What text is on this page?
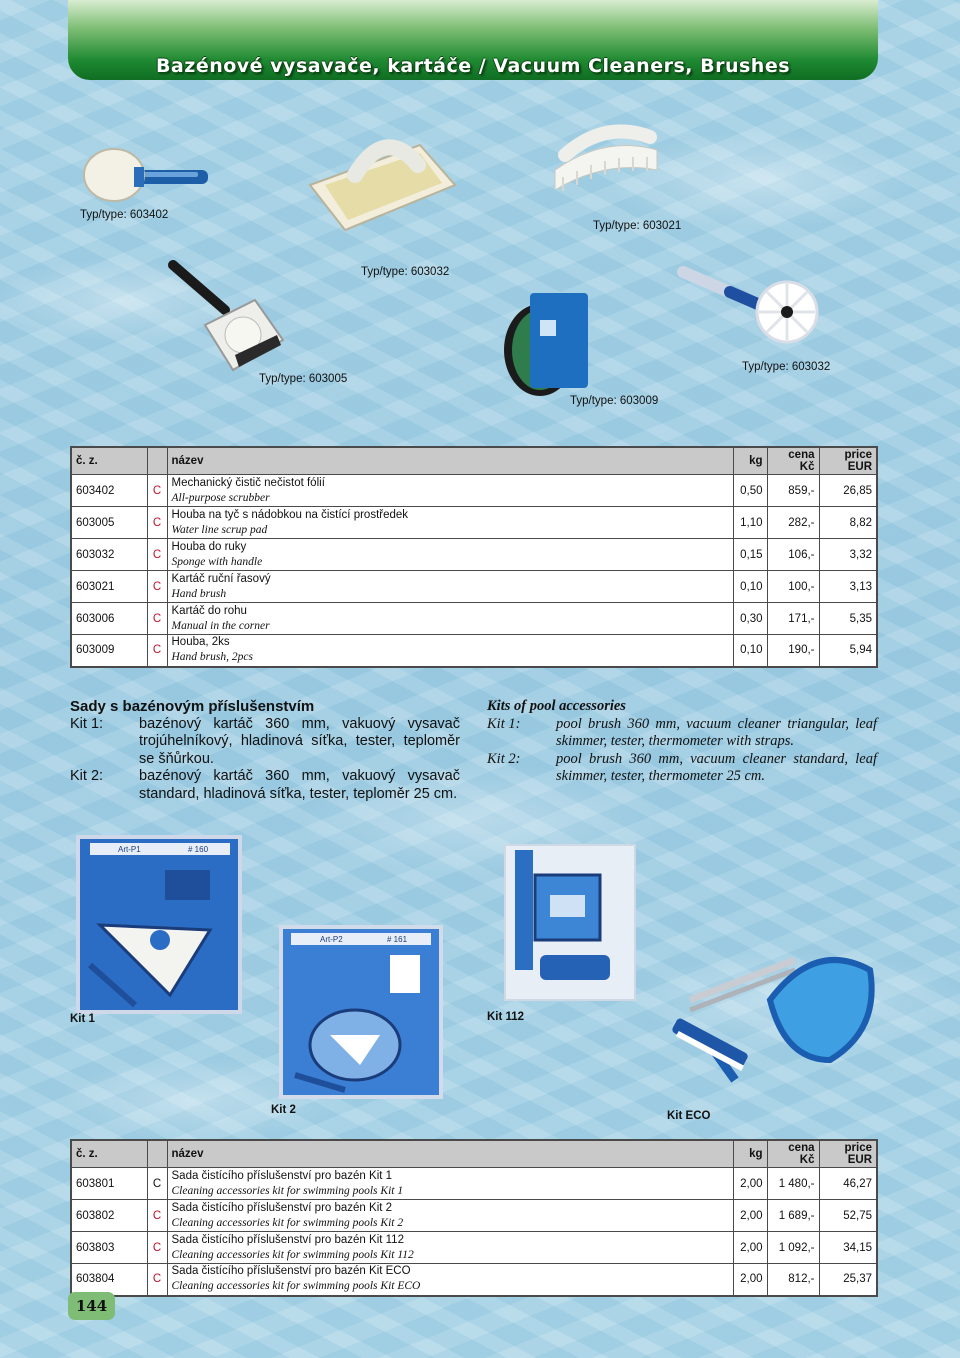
Bazénové vysavače, kartáče / Vacuum Cleaners, Brushes
Typ/type: 603402
Typ/type: 603021
Typ/type: 603032
Typ/type: 603005
Typ/type: 603032
Typ/type: 603009
č. z.		název	kg	cena Kč	price EUR
603402	C	Mechanický čistič nečistot fólií
All-purpose scrubber	0,50	859,-	26,85
603005	C	Houba na tyč s nádobkou na čistící prostředek
Water line scrup pad	1,10	282,-	8,82
603032	C	Houba do ruky
Sponge with handle	0,15	106,-	3,32
603021	C	Kartáč ruční řasový
Hand brush	0,10	100,-	3,13
603006	C	Kartáč do rohu
Manual in the corner	0,30	171,-	5,35
603009	C	Houba, 2ks
Hand brush, 2pcs	0,10	190,-	5,94
Sady s bazénovým příslušenstvím
Kit 1:	bazénový kartáč 360 mm, vakuový vysavač trojúhelníkový, hladinová síťka, tester, teploměr se šňůrkou.
Kit 2:	bazénový kartáč 360 mm, vakuový vysavač standard, hladinová síťka, tester, teploměr 25 cm.
Kits of pool accessories
Kit 1:	pool brush 360 mm, vacuum cleaner triangular, leaf skimmer, tester, thermometer with straps.
Kit 2:	pool brush 360 mm, vacuum cleaner standard, leaf skimmer, tester, thermometer 25 cm.
Art-P1	# 160
Art-P2	# 161
Kit 1	Kit 112
Kit 2	Kit ECO
č. z.		název	kg	cena Kč	price EUR
603801	C	Sada čistícího příslušenství pro bazén Kit 1
Cleaning accessories kit for swimming pools Kit 1	2,00	1 480,-	46,27
603802	C	Sada čistícího příslušenství pro bazén Kit 2
Cleaning accessories kit for swimming pools Kit 2	2,00	1 689,-	52,75
603803	C	Sada čistícího příslušenství pro bazén Kit 112
Cleaning accessories kit for swimming pools Kit 112	2,00	1 092,-	34,15
603804	C	Sada čistícího příslušenství pro bazén Kit ECO
Cleaning accessories kit for swimming pools Kit ECO	2,00	812,-	25,37
144
